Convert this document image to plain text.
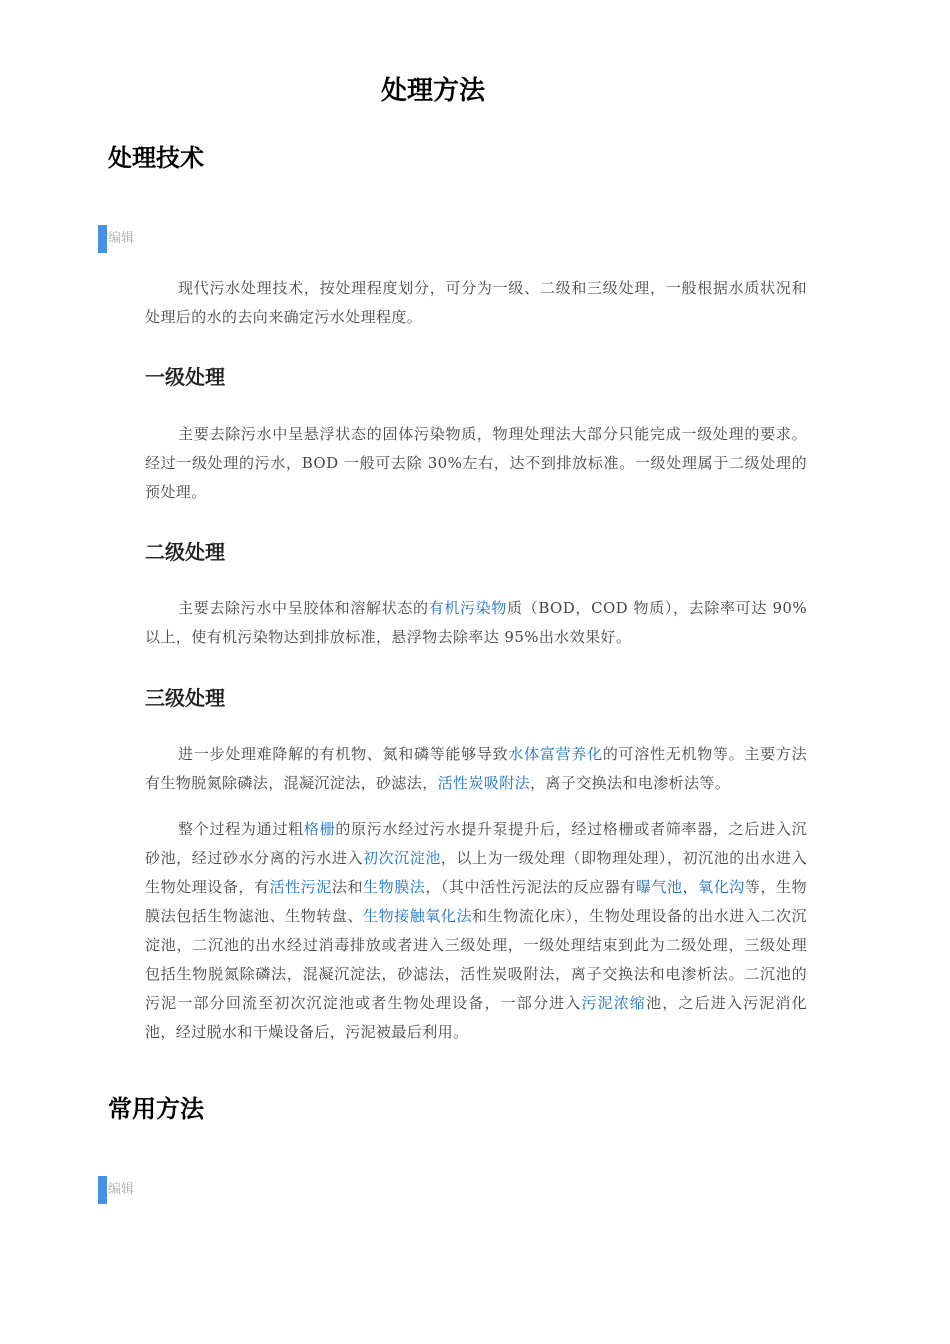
处理方法
处理技术
编辑

现代污水处理技术，按处理程度划分，可分为一级、二级和三级处理，一般根据水质状况和处理后的水的去向来确定污水处理程度。

一级处理

主要去除污水中呈悬浮状态的固体污染物质，物理处理法大部分只能完成一级处理的要求。经过一级处理的污水，BOD 一般可去除 30%左右，达不到排放标准。一级处理属于二级处理的预处理。

二级处理

主要去除污水中呈胶体和溶解状态的有机污染物质（BOD，COD 物质），去除率可达 90%以上，使有机污染物达到排放标准，悬浮物去除率达 95%出水效果好。

三级处理

进一步处理难降解的有机物、氮和磷等能够导致水体富营养化的可溶性无机物等。主要方法有生物脱氮除磷法，混凝沉淀法，砂滤法，活性炭吸附法，离子交换法和电渗析法等。

整个过程为通过粗格栅的原污水经过污水提升泵提升后，经过格栅或者筛率器，之后进入沉砂池，经过砂水分离的污水进入初次沉淀池，以上为一级处理（即物理处理），初沉池的出水进入生物处理设备，有活性污泥法和生物膜法，（其中活性污泥法的反应器有曝气池，氧化沟等，生物膜法包括生物滤池、生物转盘、生物接触氧化法和生物流化床），生物处理设备的出水进入二次沉淀池，二沉池的出水经过消毒排放或者进入三级处理，一级处理结束到此为二级处理，三级处理包括生物脱氮除磷法，混凝沉淀法，砂滤法，活性炭吸附法，离子交换法和电渗析法。二沉池的污泥一部分回流至初次沉淀池或者生物处理设备，一部分进入污泥浓缩池，之后进入污泥消化池，经过脱水和干燥设备后，污泥被最后利用。

常用方法
编辑
